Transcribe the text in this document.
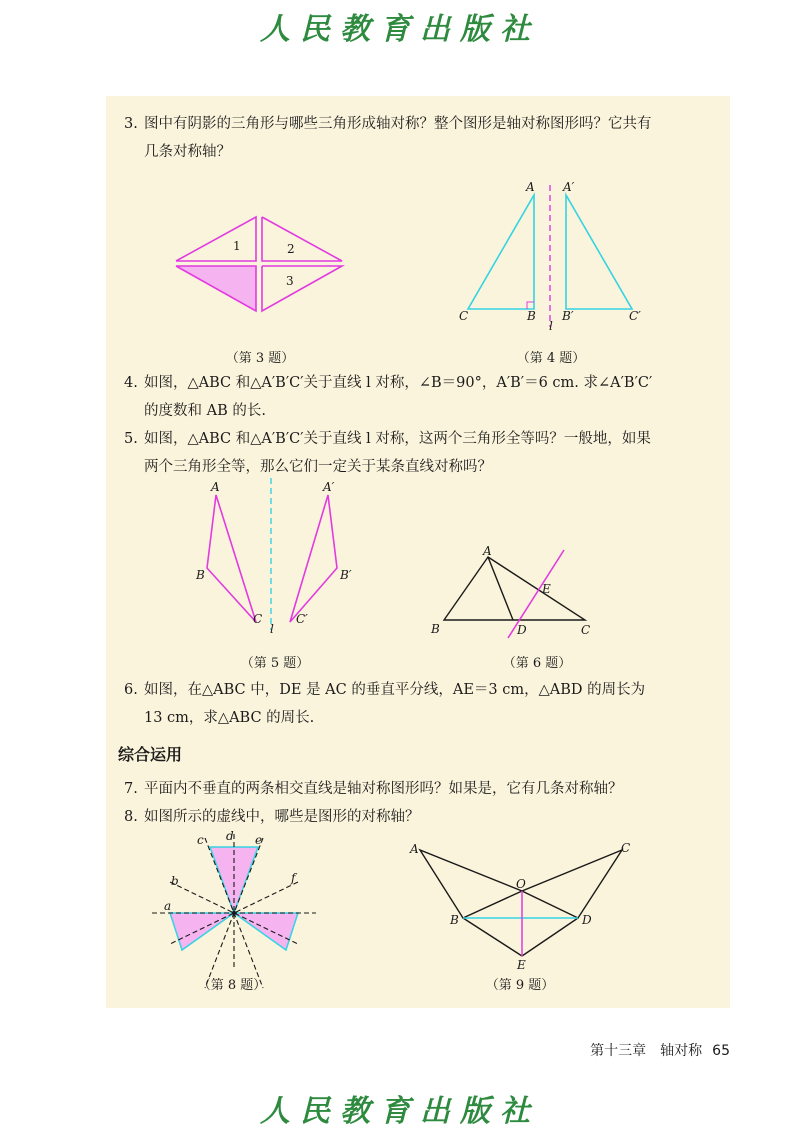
人民教育出版社

3. 图中有阴影的三角形与哪些三角形成轴对称？整个图形是轴对称图形吗？它共有
几条对称轴？

1	2
3
（第 3 题）
A A′
C	B B′	C′
l
（第 4 题）

4. 如图，△ABC 和△A′B′C′关于直线 l 对称，∠B＝90°，A′B′＝6 cm. 求∠A′B′C′
的度数和 AB 的长.

5. 如图，△ABC 和△A′B′C′关于直线 l 对称，这两个三角形全等吗？一般地，如果
两个三角形全等，那么它们一定关于某条直线对称吗？

A	A′
B	B′
C	C′
l
（第 5 题）
A
E
B	D	C
（第 6 题）

6. 如图，在△ABC 中，DE 是 AC 的垂直平分线，AE＝3 cm，△ABD 的周长为
13 cm，求△ABC 的周长.

综合运用

7. 平面内不垂直的两条相交直线是轴对称图形吗？如果是，它有几条对称轴？

8. 如图所示的虚线中，哪些是图形的对称轴？

c d e
b	f
a
（第 8 题）
A	C
O
B	D
E
（第 9 题）
第十三章　轴对称 65
人民教育出版社
